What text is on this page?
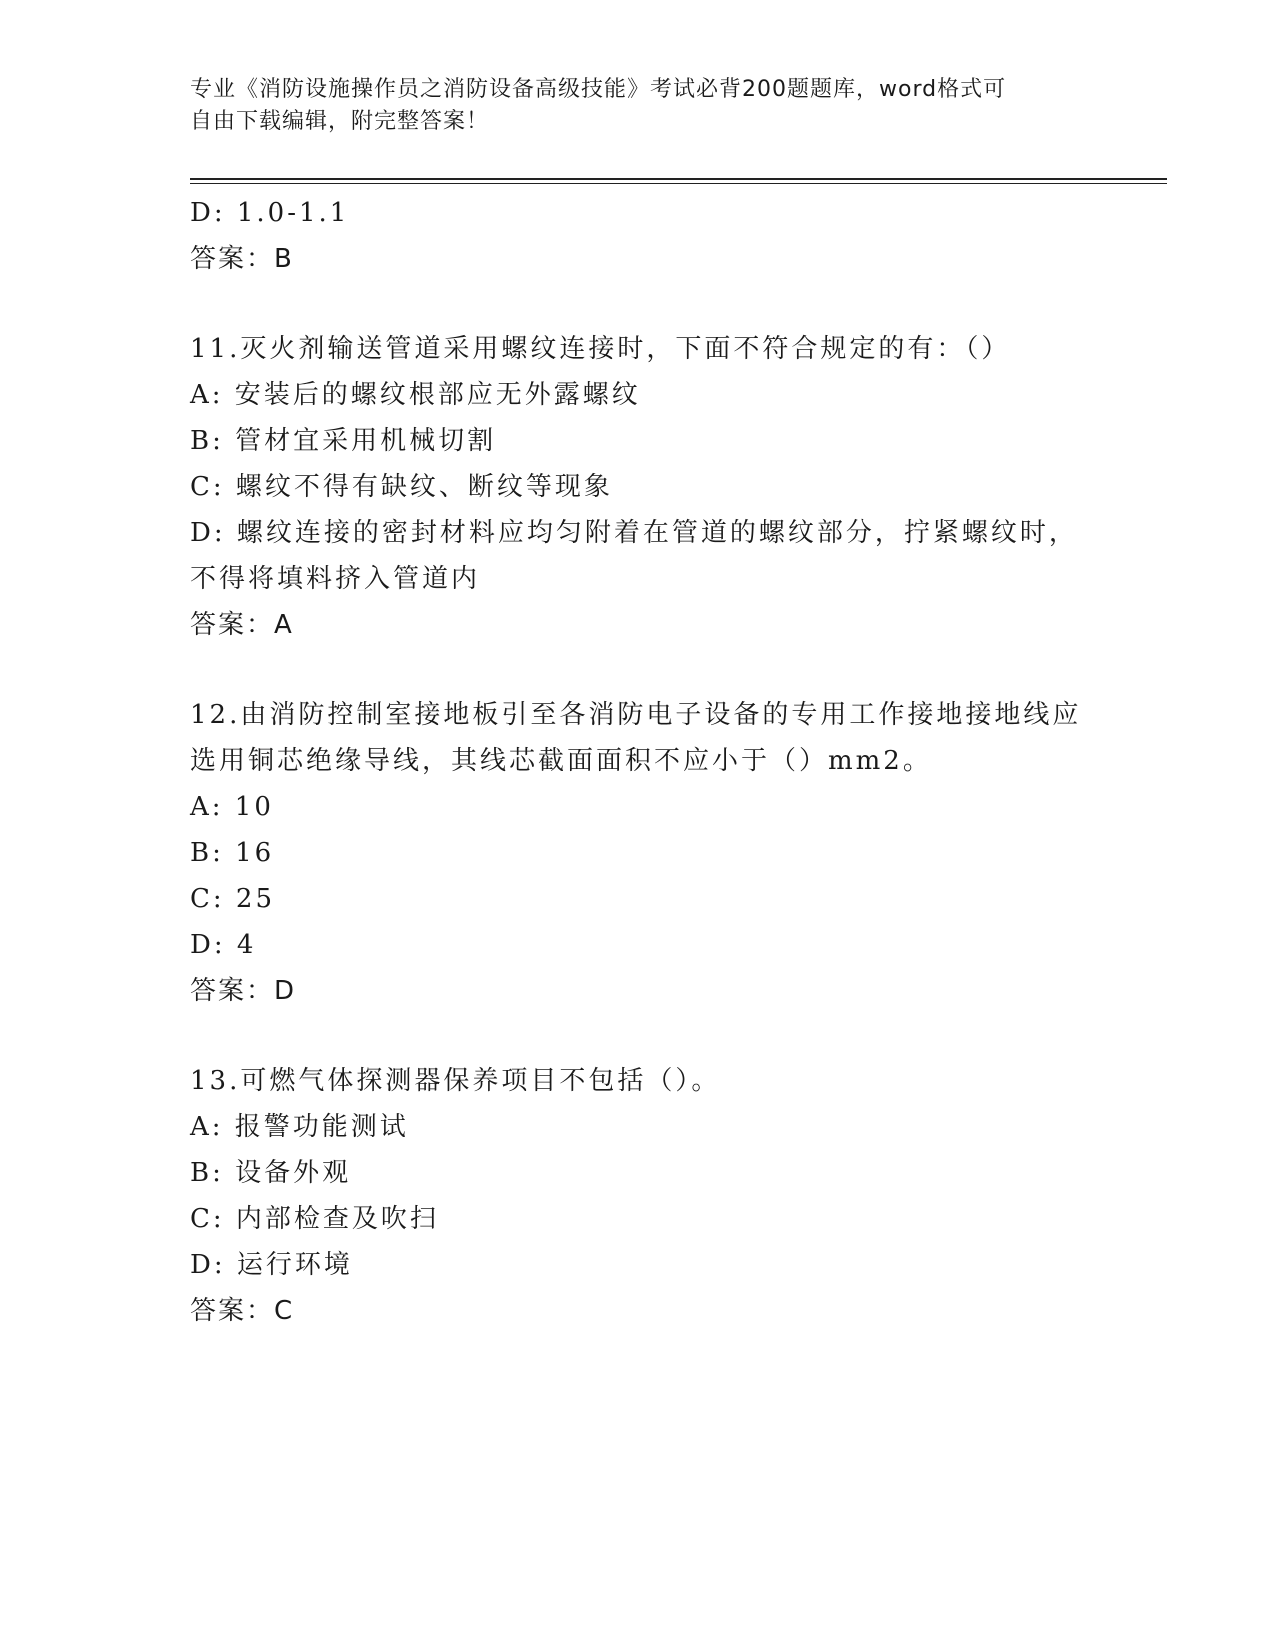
专业《消防设施操作员之消防设备高级技能》考试必背200题题库，word格式可
自由下载编辑，附完整答案！
D: 1.0-1.1
答案：B
11.灭火剂输送管道采用螺纹连接时，下面不符合规定的有：（）
A: 安装后的螺纹根部应无外露螺纹
B: 管材宜采用机械切割
C: 螺纹不得有缺纹、断纹等现象
D: 螺纹连接的密封材料应均匀附着在管道的螺纹部分，拧紧螺纹时，
不得将填料挤入管道内
答案：A
12.由消防控制室接地板引至各消防电子设备的专用工作接地接地线应
选用铜芯绝缘导线，其线芯截面面积不应小于（）mm2。
A: 10
B: 16
C: 25
D: 4
答案：D
13.可燃气体探测器保养项目不包括（）。
A: 报警功能测试
B: 设备外观
C: 内部检查及吹扫
D: 运行环境
答案：C
